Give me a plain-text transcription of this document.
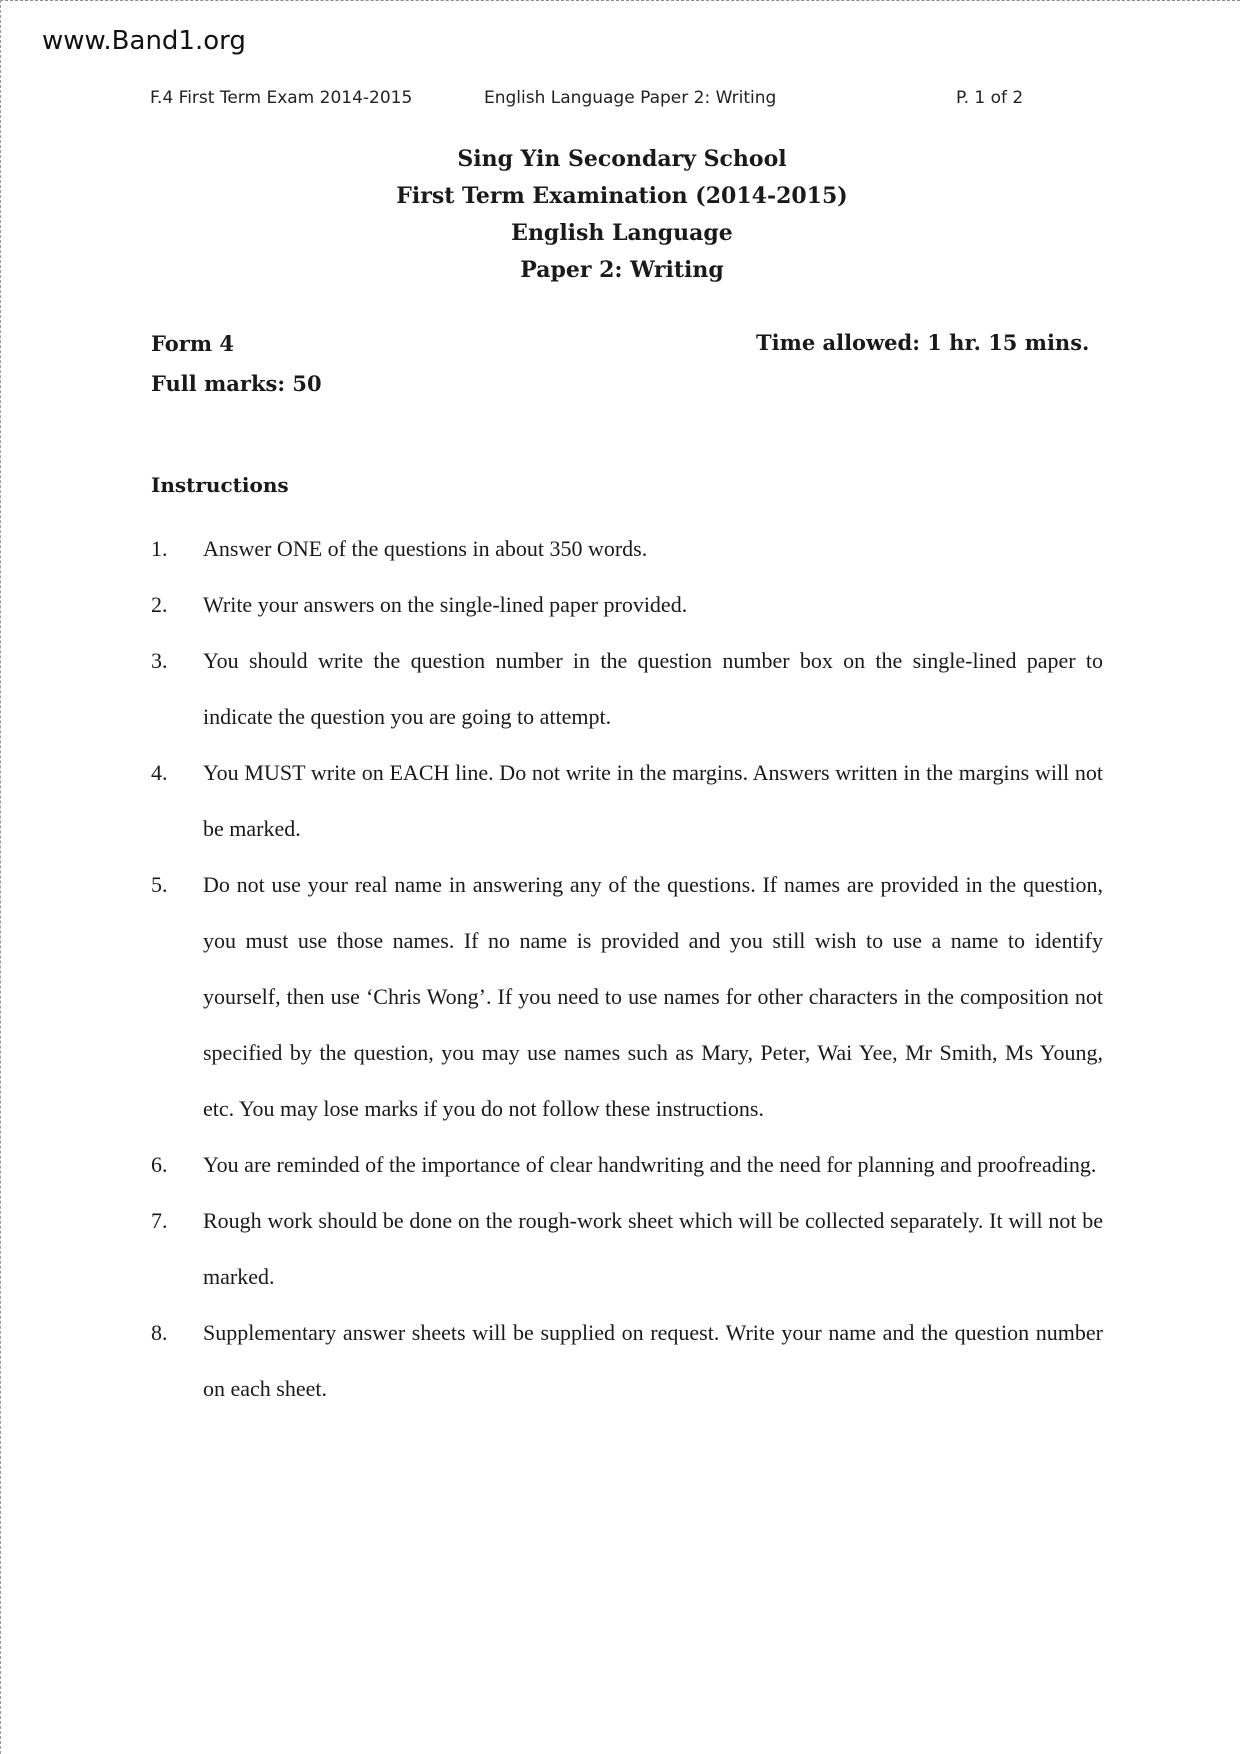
www.Band1.org
F.4 First Term Exam 2014-2015	English Language Paper 2: Writing	P. 1 of 2
Sing Yin Secondary School
First Term Examination (2014-2015)
English Language
Paper 2: Writing
Form 4
Full marks: 50
Time allowed: 1 hr. 15 mins.
Instructions
1.	Answer ONE of the questions in about 350 words.
2.	Write your answers on the single-lined paper provided.
3.	You should write the question number in the question number box on the single-lined paper to indicate the question you are going to attempt.
4.	You MUST write on EACH line. Do not write in the margins. Answers written in the margins will not be marked.
5.	Do not use your real name in answering any of the questions. If names are provided in the question, you must use those names. If no name is provided and you still wish to use a name to identify yourself, then use ‘Chris Wong’. If you need to use names for other characters in the composition not specified by the question, you may use names such as Mary, Peter, Wai Yee, Mr Smith, Ms Young, etc. You may lose marks if you do not follow these instructions.
6.	You are reminded of the importance of clear handwriting and the need for planning and proofreading.
7.	Rough work should be done on the rough-work sheet which will be collected separately. It will not be marked.
8.	Supplementary answer sheets will be supplied on request. Write your name and the question number on each sheet.
